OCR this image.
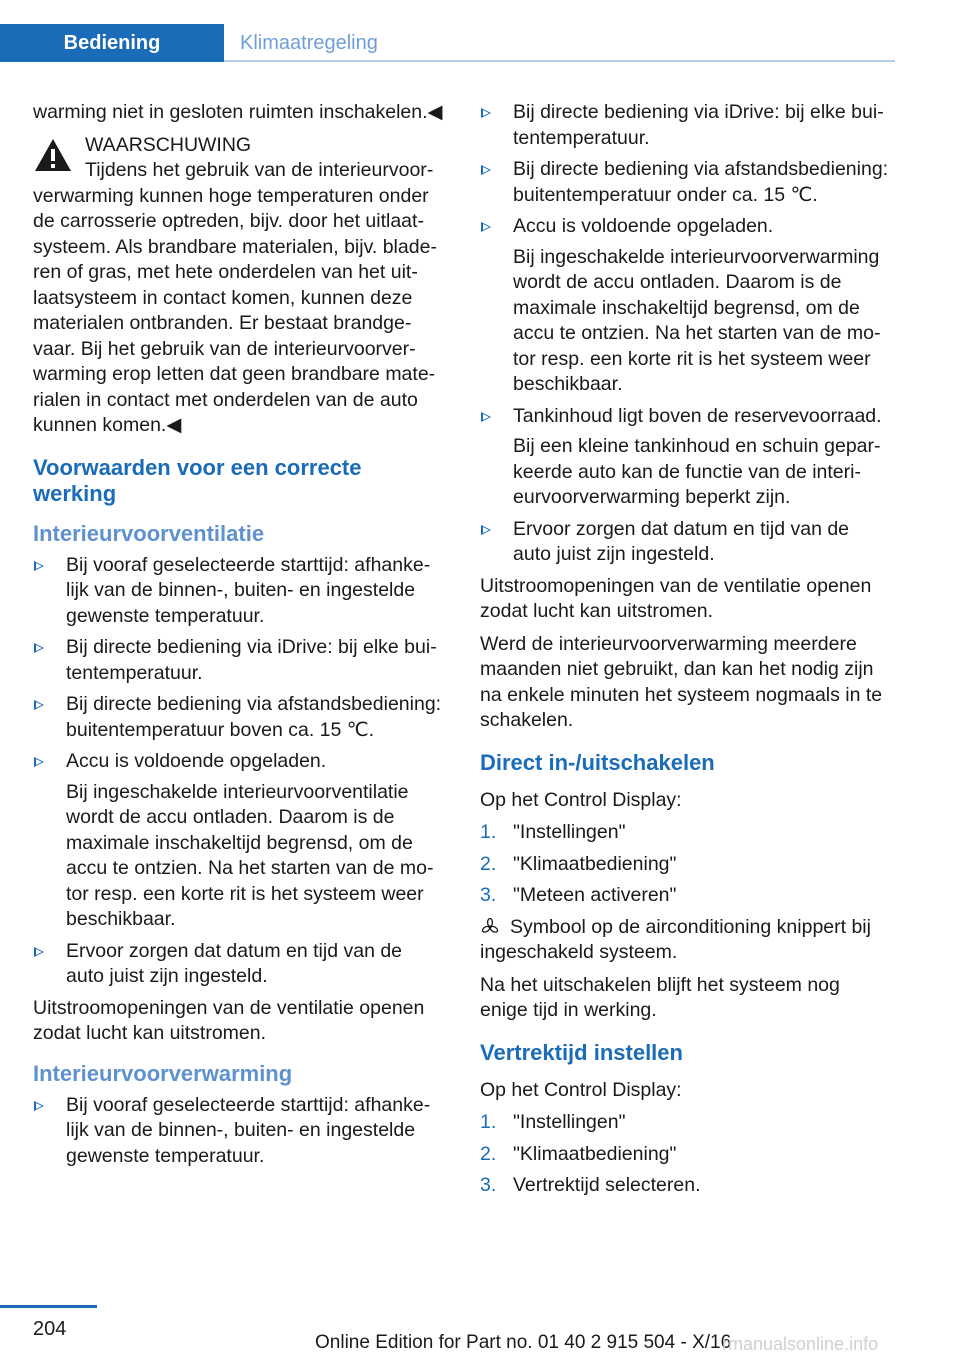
Bediening	Klimaatregeling

warming niet in gesloten ruimten inschakelen.◀

WAARSCHUWING

Tijdens het gebruik van de interieurvoorverwarming kunnen hoge temperaturen onder de carrosserie optreden, bijv. door het uitlaatsysteem. Als brandbare materialen, bijv. bladeren of gras, met hete onderdelen van het uitlaatsysteem in contact komen, kunnen deze materialen ontbranden. Er bestaat brandgevaar. Bij het gebruik van de interieurvoorverwarming erop letten dat geen brandbare materialen in contact met onderdelen van de auto kunnen komen.◀

Voorwaarden voor een correcte werking
Interieurvoorventilatie
Bij vooraf geselecteerde starttijd: afhankelijk van de binnen-, buiten- en ingestelde gewenste temperatuur.
Bij directe bediening via iDrive: bij elke buitentemperatuur.
Bij directe bediening via afstandsbediening: buitentemperatuur boven ca. 15 ℃.
Accu is voldoende opgeladen.

Bij ingeschakelde interieurvoorventilatie wordt de accu ontladen. Daarom is de maximale inschakeltijd begrensd, om de accu te ontzien. Na het starten van de motor resp. een korte rit is het systeem weer beschikbaar.

Ervoor zorgen dat datum en tijd van de auto juist zijn ingesteld.

Uitstroomopeningen van de ventilatie openen zodat lucht kan uitstromen.

Interieurvoorverwarming
Bij vooraf geselecteerde starttijd: afhankelijk van de binnen-, buiten- en ingestelde gewenste temperatuur.
Bij directe bediening via iDrive: bij elke buitentemperatuur.
Bij directe bediening via afstandsbediening: buitentemperatuur onder ca. 15 ℃.
Accu is voldoende opgeladen.

Bij ingeschakelde interieurvoorverwarming wordt de accu ontladen. Daarom is de maximale inschakeltijd begrensd, om de accu te ontzien. Na het starten van de motor resp. een korte rit is het systeem weer beschikbaar.

Tankinhoud ligt boven de reservevoorraad.

Bij een kleine tankinhoud en schuin geparkeerde auto kan de functie van de interieurvoorverwarming beperkt zijn.

Ervoor zorgen dat datum en tijd van de auto juist zijn ingesteld.

Uitstroomopeningen van de ventilatie openen zodat lucht kan uitstromen.

Werd de interieurvoorverwarming meerdere maanden niet gebruikt, dan kan het nodig zijn na enkele minuten het systeem nogmaals in te schakelen.

Direct in-/uitschakelen

Op het Control Display:

1. "Instellingen"
2. "Klimaatbediening"
3. "Meteen activeren"

Symbool op de airconditioning knippert bij ingeschakeld systeem.

Na het uitschakelen blijft het systeem nog enige tijd in werking.

Vertrektijd instellen

Op het Control Display:

1. "Instellingen"
2. "Klimaatbediening"
3. Vertrektijd selecteren.
204
Online Edition for Part no. 01 40 2 915 504 - X/16
rmanualsonline.info
